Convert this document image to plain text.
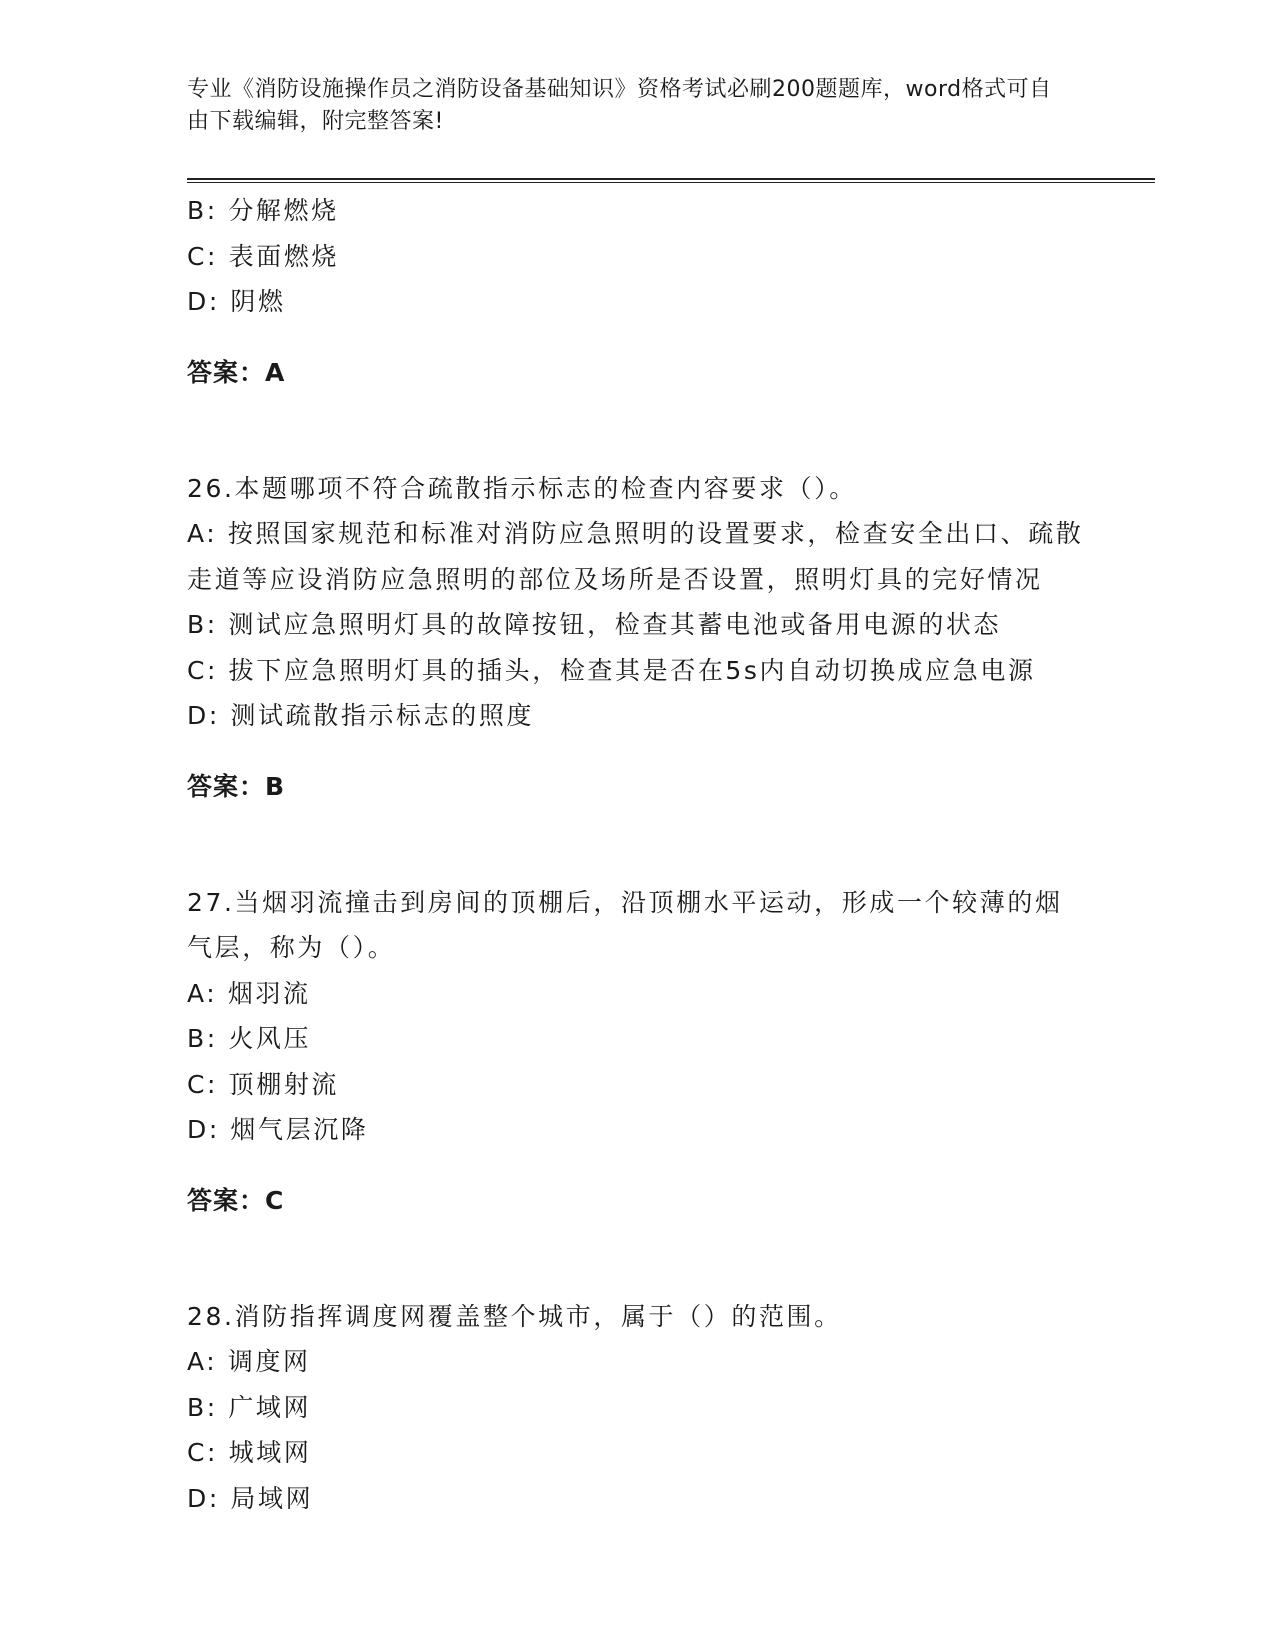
专业《消防设施操作员之消防设备基础知识》资格考试必刷200题题库，word格式可自由下载编辑，附完整答案!

B: 分解燃烧

C: 表面燃烧

D: 阴燃

答案：A

26.本题哪项不符合疏散指示标志的检查内容要求（）。

A: 按照国家规范和标准对消防应急照明的设置要求，检查安全出口、疏散走道等应设消防应急照明的部位及场所是否设置，照明灯具的完好情况

B: 测试应急照明灯具的故障按钮，检查其蓄电池或备用电源的状态

C: 拔下应急照明灯具的插头，检查其是否在5s内自动切换成应急电源

D: 测试疏散指示标志的照度

答案：B

27.当烟羽流撞击到房间的顶棚后，沿顶棚水平运动，形成一个较薄的烟气层，称为（）。

A: 烟羽流

B: 火风压

C: 顶棚射流

D: 烟气层沉降

答案：C

28.消防指挥调度网覆盖整个城市，属于（）的范围。

A: 调度网

B: 广域网

C: 城域网

D: 局域网
